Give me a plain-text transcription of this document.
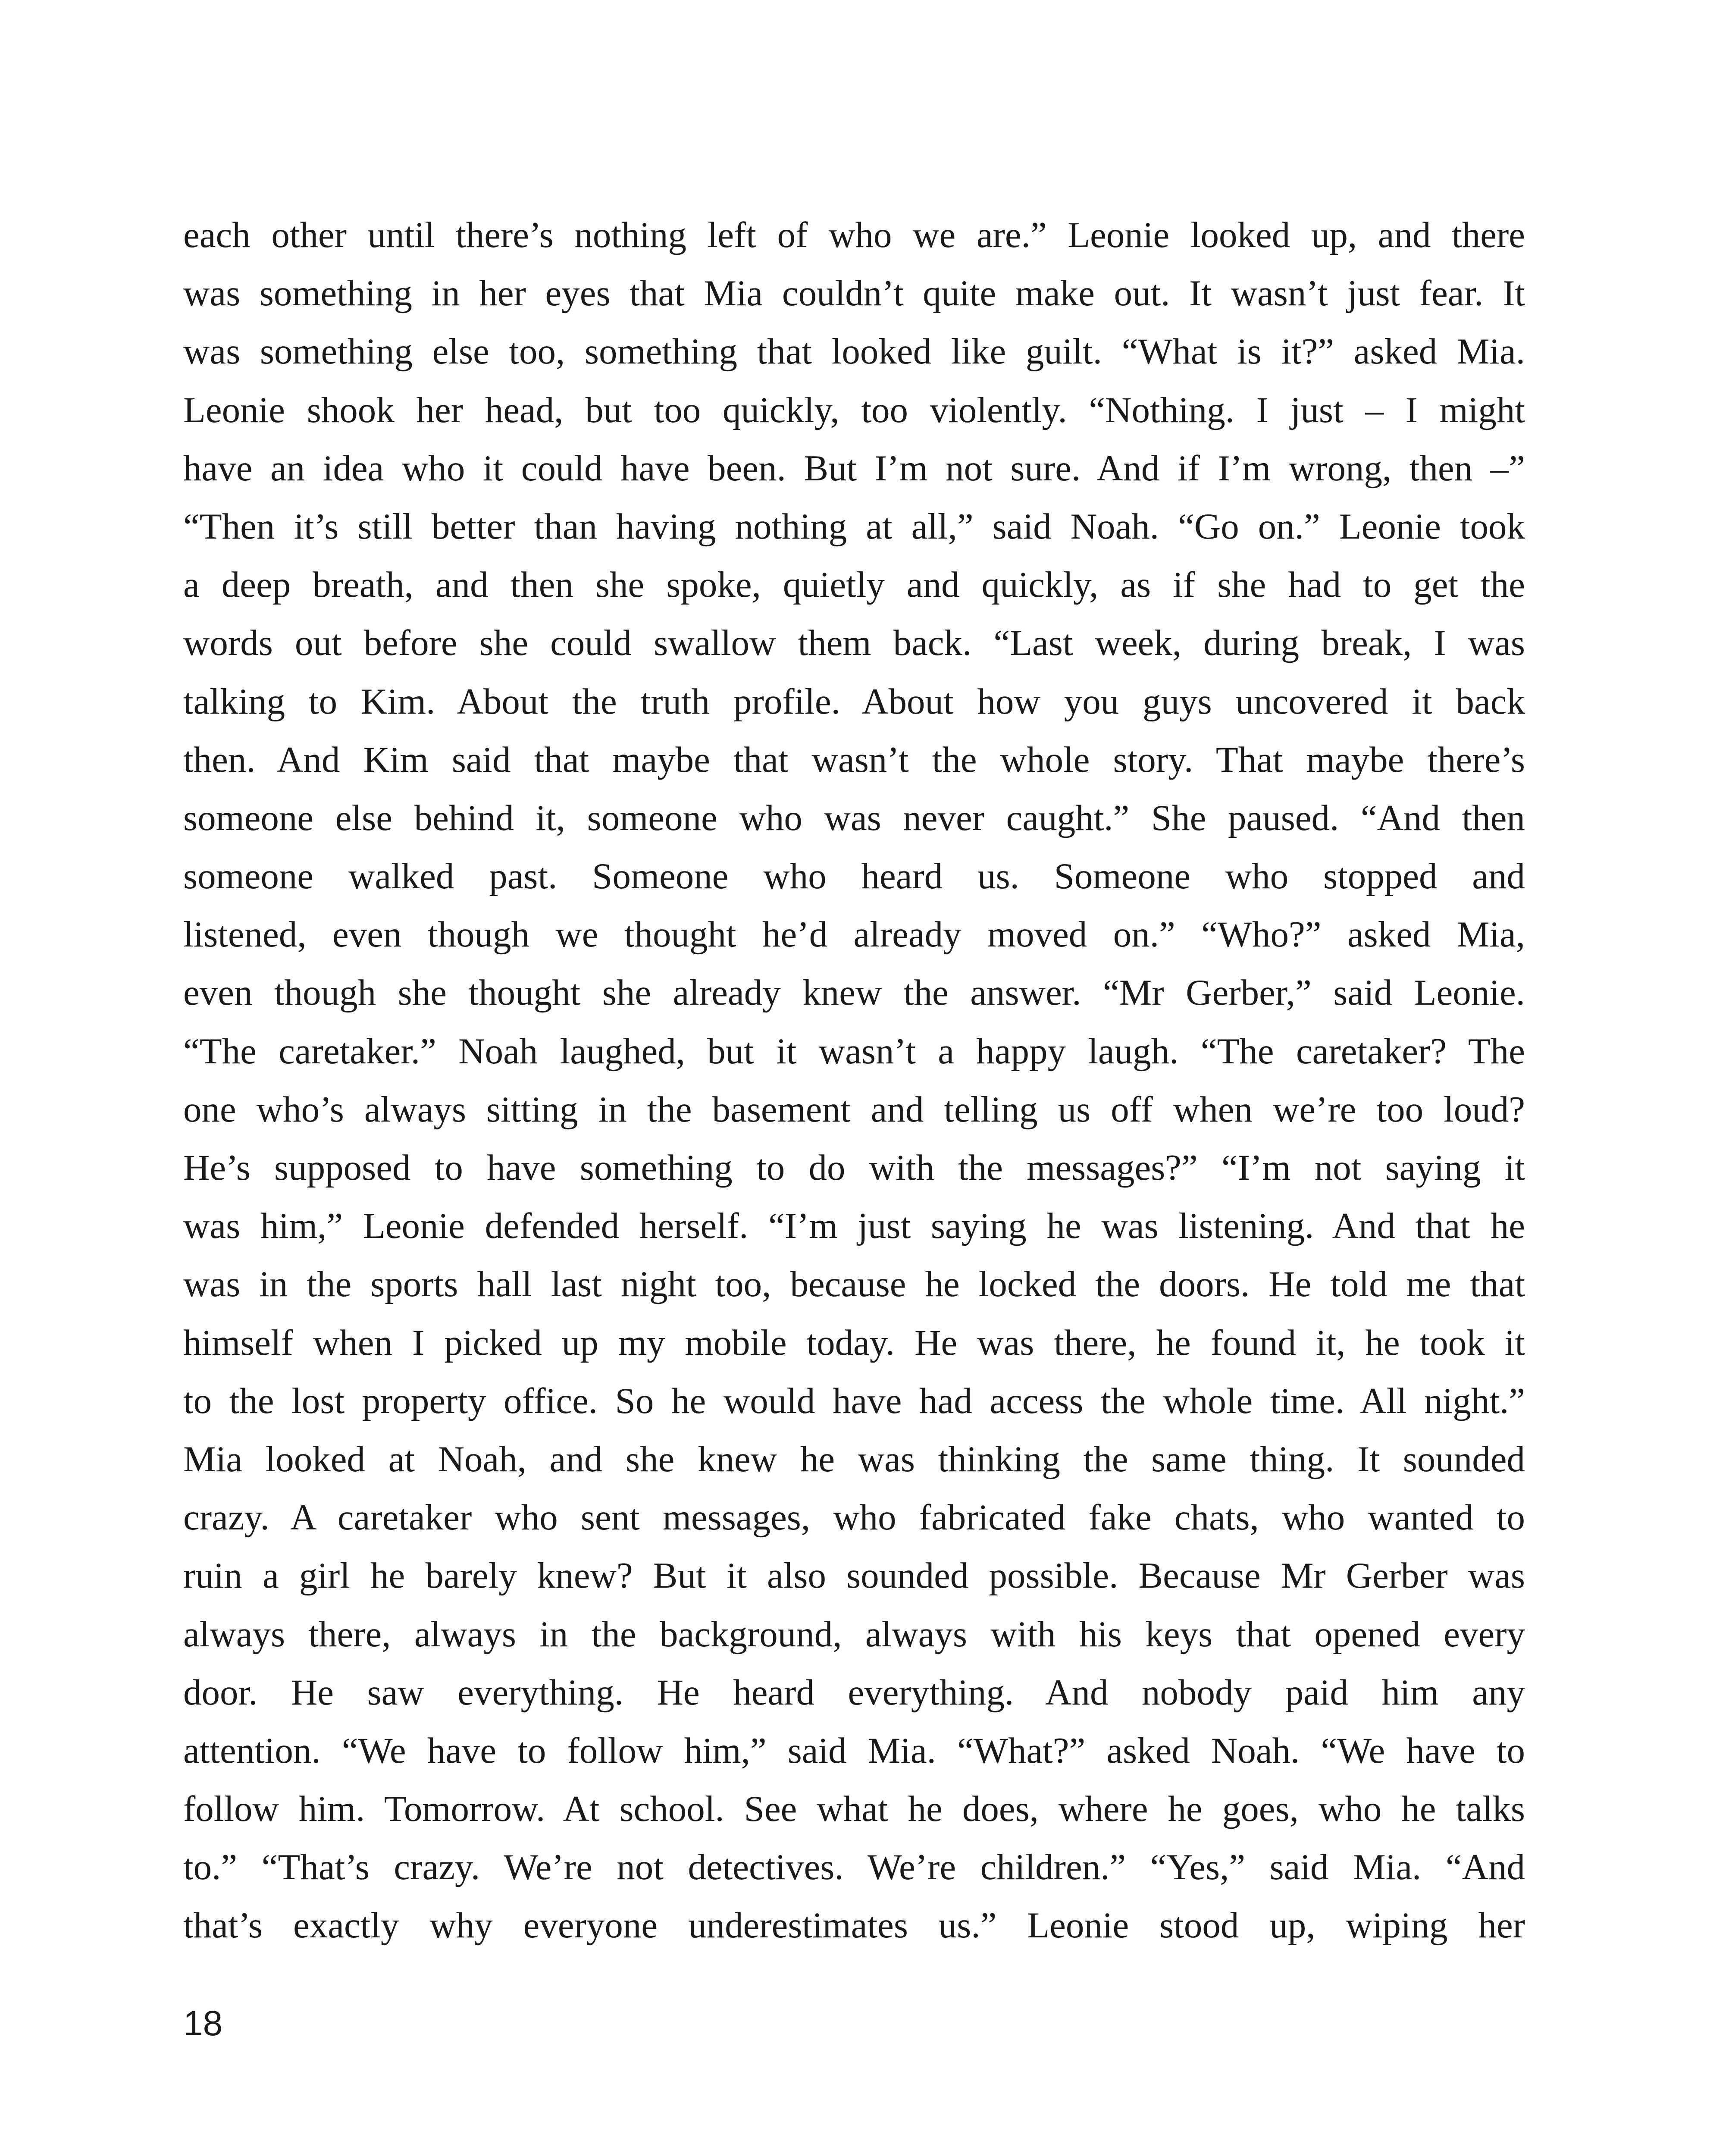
each other until there’s nothing left of who we are.” Leonie looked up, and there
was something in her eyes that Mia couldn’t quite make out. It wasn’t just fear. It
was something else too, something that looked like guilt. “What is it?” asked Mia.
Leonie shook her head, but too quickly, too violently. “Nothing. I just – I might
have an idea who it could have been. But I’m not sure. And if I’m wrong, then –”
“Then it’s still better than having nothing at all,” said Noah. “Go on.” Leonie took
a deep breath, and then she spoke, quietly and quickly, as if she had to get the
words out before she could swallow them back. “Last week, during break, I was
talking to Kim. About the truth profile. About how you guys uncovered it back
then. And Kim said that maybe that wasn’t the whole story. That maybe there’s
someone else behind it, someone who was never caught.” She paused. “And then
someone walked past. Someone who heard us. Someone who stopped and
listened, even though we thought he’d already moved on.” “Who?” asked Mia,
even though she thought she already knew the answer. “Mr Gerber,” said Leonie.
“The caretaker.” Noah laughed, but it wasn’t a happy laugh. “The caretaker? The
one who’s always sitting in the basement and telling us off when we’re too loud?
He’s supposed to have something to do with the messages?” “I’m not saying it
was him,” Leonie defended herself. “I’m just saying he was listening. And that he
was in the sports hall last night too, because he locked the doors. He told me that
himself when I picked up my mobile today. He was there, he found it, he took it
to the lost property office. So he would have had access the whole time. All night.”
Mia looked at Noah, and she knew he was thinking the same thing. It sounded
crazy. A caretaker who sent messages, who fabricated fake chats, who wanted to
ruin a girl he barely knew? But it also sounded possible. Because Mr Gerber was
always there, always in the background, always with his keys that opened every
door. He saw everything. He heard everything. And nobody paid him any
attention. “We have to follow him,” said Mia. “What?” asked Noah. “We have to
follow him. Tomorrow. At school. See what he does, where he goes, who he talks
to.” “That’s crazy. We’re not detectives. We’re children.” “Yes,” said Mia. “And
that’s exactly why everyone underestimates us.” Leonie stood up, wiping her
18
